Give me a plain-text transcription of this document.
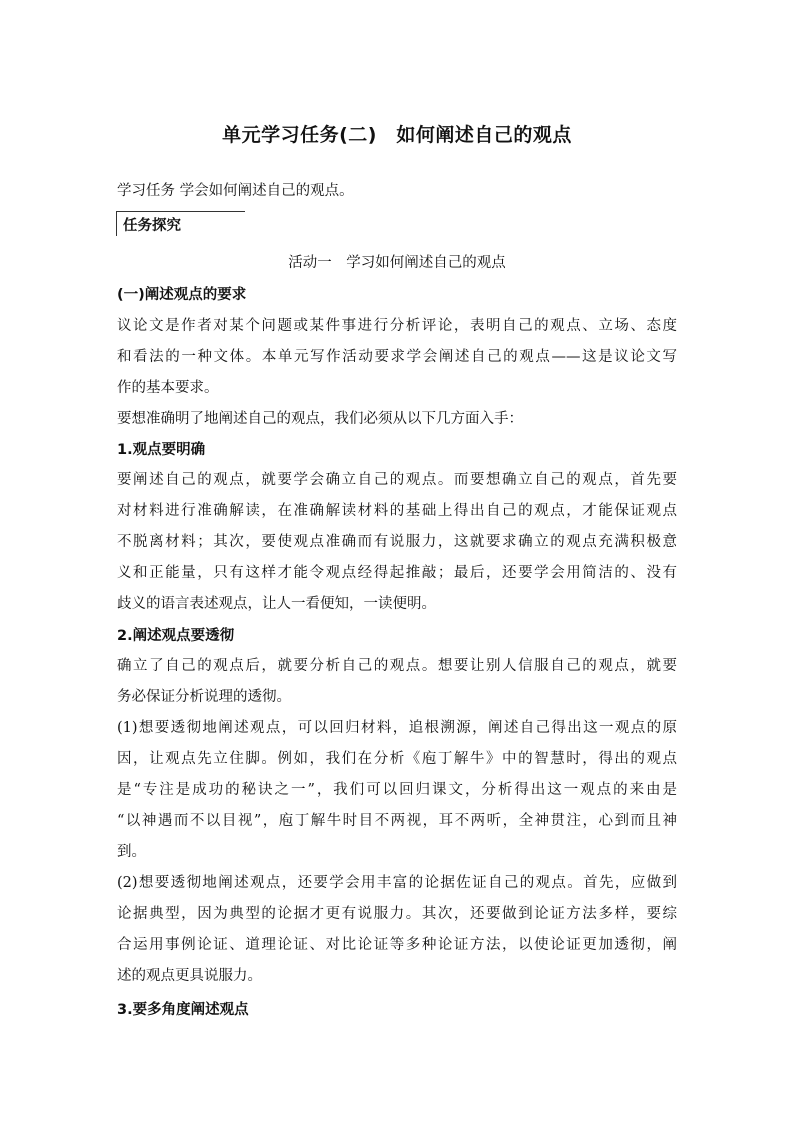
单元学习任务(二)　如何阐述自己的观点
学习任务 学会如何阐述自己的观点。
任务探究
活动一　学习如何阐述自己的观点
(一)阐述观点的要求
议论文是作者对某个问题或某件事进行分析评论，表明自己的观点、立场、态度
和看法的一种文体。本单元写作活动要求学会阐述自己的观点——这是议论文写
作的基本要求。
要想准确明了地阐述自己的观点，我们必须从以下几方面入手：
1.观点要明确
要阐述自己的观点，就要学会确立自己的观点。而要想确立自己的观点，首先要
对材料进行准确解读，在准确解读材料的基础上得出自己的观点，才能保证观点
不脱离材料；其次，要使观点准确而有说服力，这就要求确立的观点充满积极意
义和正能量，只有这样才能令观点经得起推敲；最后，还要学会用简洁的、没有
歧义的语言表述观点，让人一看便知，一读便明。
2.阐述观点要透彻
确立了自己的观点后，就要分析自己的观点。想要让别人信服自己的观点，就要
务必保证分析说理的透彻。
(1)想要透彻地阐述观点，可以回归材料，追根溯源，阐述自己得出这一观点的原
因，让观点先立住脚。例如，我们在分析《庖丁解牛》中的智慧时，得出的观点
是“专注是成功的秘诀之一”，我们可以回归课文，分析得出这一观点的来由是
“以神遇而不以目视”，庖丁解牛时目不两视，耳不两听，全神贯注，心到而且神
到。
(2)想要透彻地阐述观点，还要学会用丰富的论据佐证自己的观点。首先，应做到
论据典型，因为典型的论据才更有说服力。其次，还要做到论证方法多样，要综
合运用事例论证、道理论证、对比论证等多种论证方法，以使论证更加透彻，阐
述的观点更具说服力。
3.要多角度阐述观点
